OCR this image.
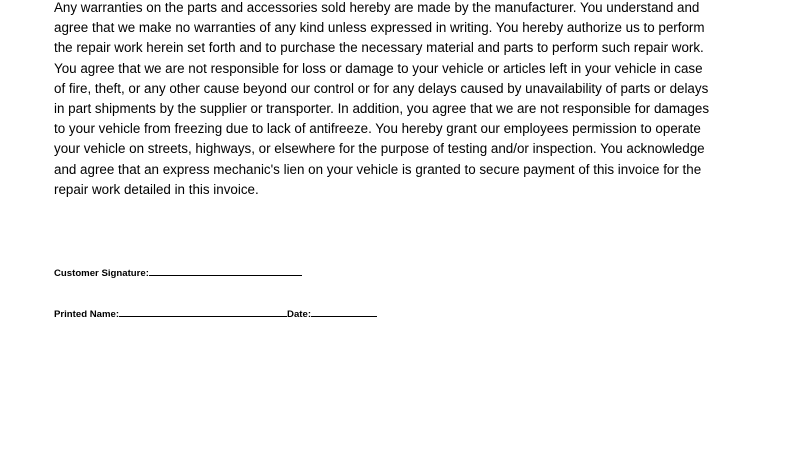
Any warranties on the parts and accessories sold hereby are made by the manufacturer. You understand and
agree that we make no warranties of any kind unless expressed in writing. You hereby authorize us to perform
the repair work herein set forth and to purchase the necessary material and parts to perform such repair work.
You agree that we are not responsible for loss or damage to your vehicle or articles left in your vehicle in case
of fire, theft, or any other cause beyond our control or for any delays caused by unavailability of parts or delays
in part shipments by the supplier or transporter. In addition, you agree that we are not responsible for damages
to your vehicle from freezing due to lack of antifreeze. You hereby grant our employees permission to operate
your vehicle on streets, highways, or elsewhere for the purpose of testing and/or inspection. You acknowledge
and agree that an express mechanic's lien on your vehicle is granted to secure payment of this invoice for the
repair work detailed in this invoice.
Customer Signature:
Printed Name:	Date:
